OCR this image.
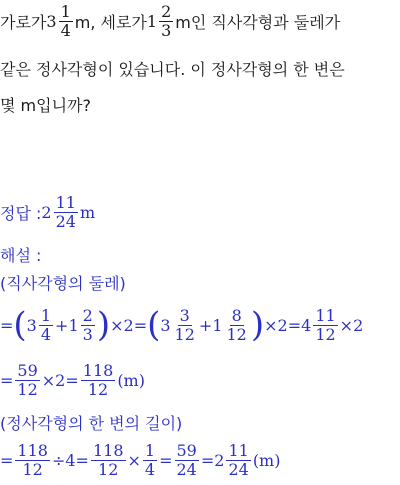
가로가 $3 \frac{1}{4} m$, 세로가 $1 \frac{2}{3}$ m인 직사각형과 둘레가
같은 정사각형이 있습니다. 이 정사각형의 한 변은
몇 m입니까?
정답 : $2 \frac{11}{24}$ m
해설 :
(직사각형의 둘레)
= ( $3 \frac{1}{4} + 1 \frac{2}{3}$ ) ×2 = ( $3 \frac{3}{12} + 1 \frac{8}{12}$ ) $\times 2 = 4 \frac{11}{12} \times 2$
= $\frac{59}{12} \times 2 = \frac{118}{12} (m)$
(정사각형의 한 변의 길이)
= $\frac{118}{12} \div 4 = \frac{118}{12} \times \frac{1}{4} = \frac{59}{24} = 2 \frac{11}{24} (m)$
